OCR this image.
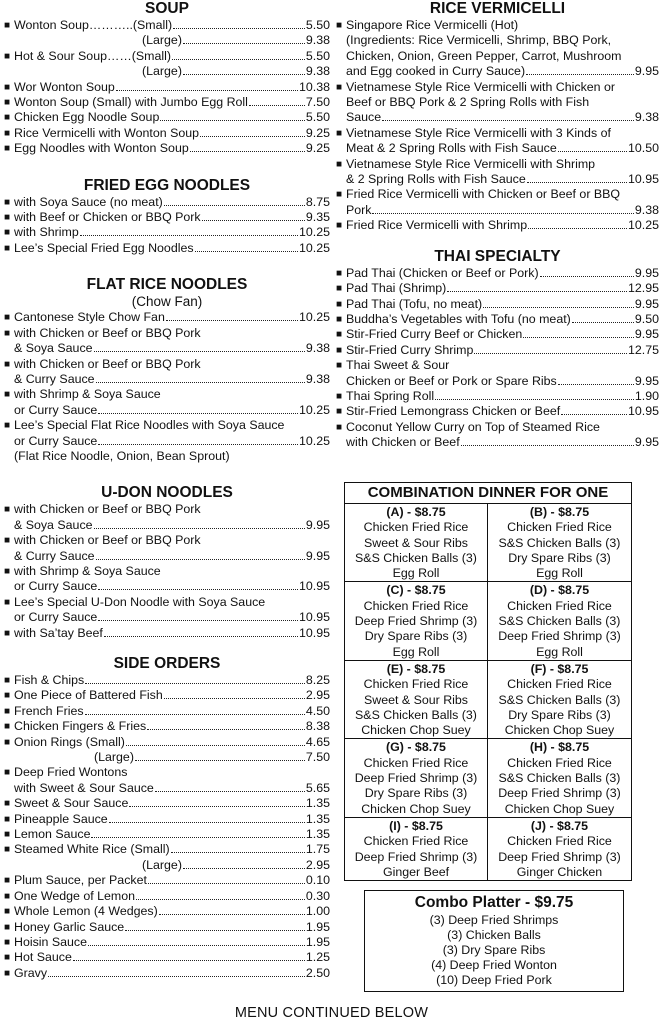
SOUP
■ Wonton Soup………..(Small)	5.50
(Large)	9.38
■ Hot & Sour Soup……(Small)	5.50
(Large)	9.38
■ Wor Wonton Soup	10.38
■ Wonton Soup (Small) with Jumbo Egg Roll	7.50
■ Chicken Egg Noodle Soup	5.50
■ Rice Vermicelli with Wonton Soup	9.25
■ Egg Noodles with Wonton Soup	9.25
FRIED EGG NOODLES
■ with Soya Sauce (no meat)	8.75
■ with Beef or Chicken or BBQ Pork	9.35
■ with Shrimp	10.25
■ Lee’s Special Fried Egg Noodles	10.25
FLAT RICE NOODLES
(Chow Fan)
■ Cantonese Style Chow Fan	10.25
■ with Chicken or Beef or BBQ Pork
& Soya Sauce	9.38
■ with Chicken or Beef or BBQ Pork
& Curry Sauce	9.38
■ with Shrimp & Soya Sauce
or Curry Sauce	10.25
■ Lee’s Special Flat Rice Noodles with Soya Sauce
or Curry Sauce	10.25
(Flat Rice Noodle, Onion, Bean Sprout)
U-DON NOODLES
■ with Chicken or Beef or BBQ Pork
& Soya Sauce	9.95
■ with Chicken or Beef or BBQ Pork
& Curry Sauce	9.95
■ with Shrimp & Soya Sauce
or Curry Sauce	10.95
■ Lee’s Special U-Don Noodle with Soya Sauce
or Curry Sauce	10.95
■ with Sa’tay Beef	10.95
SIDE ORDERS
■ Fish & Chips	8.25
■ One Piece of Battered Fish	2.95
■ French Fries	4.50
■ Chicken Fingers & Fries	8.38
■ Onion Rings (Small)	4.65
(Large)	7.50
■ Deep Fried Wontons
with Sweet & Sour Sauce	5.65
■ Sweet & Sour Sauce	1.35
■ Pineapple Sauce	1.35
■ Lemon Sauce	1.35
■ Steamed White Rice (Small)	1.75
(Large)	2.95
■ Plum Sauce, per Packet	0.10
■ One Wedge of Lemon	0.30
■ Whole Lemon (4 Wedges)	1.00
■ Honey Garlic Sauce	1.95
■ Hoisin Sauce	1.95
■ Hot Sauce	1.25
■ Gravy	2.50
RICE VERMICELLI
■ Singapore Rice Vermicelli (Hot)
(Ingredients: Rice Vermicelli, Shrimp, BBQ Pork,
Chicken, Onion, Green Pepper, Carrot, Mushroom
and Egg cooked in Curry Sauce)	9.95
■ Vietnamese Style Rice Vermicelli with Chicken or
Beef or BBQ Pork & 2 Spring Rolls with Fish
Sauce	9.38
■ Vietnamese Style Rice Vermicelli with 3 Kinds of
Meat & 2 Spring Rolls with Fish Sauce	10.50
■ Vietnamese Style Rice Vermicelli with Shrimp
& 2 Spring Rolls with Fish Sauce	10.95
■ Fried Rice Vermicelli with Chicken or Beef or BBQ
Pork	9.38
■ Fried Rice Vermicelli with Shrimp	10.25
THAI SPECIALTY
■ Pad Thai (Chicken or Beef or Pork)	9.95
■ Pad Thai (Shrimp)	12.95
■ Pad Thai (Tofu, no meat)	9.95
■ Buddha’s Vegetables with Tofu (no meat)	9.50
■ Stir-Fried Curry Beef or Chicken	9.95
■ Stir-Fried Curry Shrimp	12.75
■ Thai Sweet & Sour
Chicken or Beef or Pork or Spare Ribs	9.95
■ Thai Spring Roll	1.90
■ Stir-Fried Lemongrass Chicken or Beef	10.95
■ Coconut Yellow Curry on Top of Steamed Rice
with Chicken or Beef	9.95
COMBINATION DINNER FOR ONE
(A) - $8.75
Chicken Fried Rice
Sweet & Sour Ribs
S&S Chicken Balls (3)
Egg Roll
(B) - $8.75
Chicken Fried Rice
S&S Chicken Balls (3)
Dry Spare Ribs (3)
Egg Roll
(C) - $8.75
Chicken Fried Rice
Deep Fried Shrimp (3)
Dry Spare Ribs (3)
Egg Roll
(D) - $8.75
Chicken Fried Rice
S&S Chicken Balls (3)
Deep Fried Shrimp (3)
Egg Roll
(E) - $8.75
Chicken Fried Rice
Sweet & Sour Ribs
S&S Chicken Balls (3)
Chicken Chop Suey
(F) - $8.75
Chicken Fried Rice
S&S Chicken Balls (3)
Dry Spare Ribs (3)
Chicken Chop Suey
(G) - $8.75
Chicken Fried Rice
Deep Fried Shrimp (3)
Dry Spare Ribs (3)
Chicken Chop Suey
(H) - $8.75
Chicken Fried Rice
S&S Chicken Balls (3)
Deep Fried Shrimp (3)
Chicken Chop Suey
(I) - $8.75
Chicken Fried Rice
Deep Fried Shrimp (3)
Ginger Beef
(J) - $8.75
Chicken Fried Rice
Deep Fried Shrimp (3)
Ginger Chicken
Combo Platter - $9.75
(3) Deep Fried Shrimps
(3) Chicken Balls
(3) Dry Spare Ribs
(4) Deep Fried Wonton
(10) Deep Fried Pork
MENU CONTINUED BELOW
